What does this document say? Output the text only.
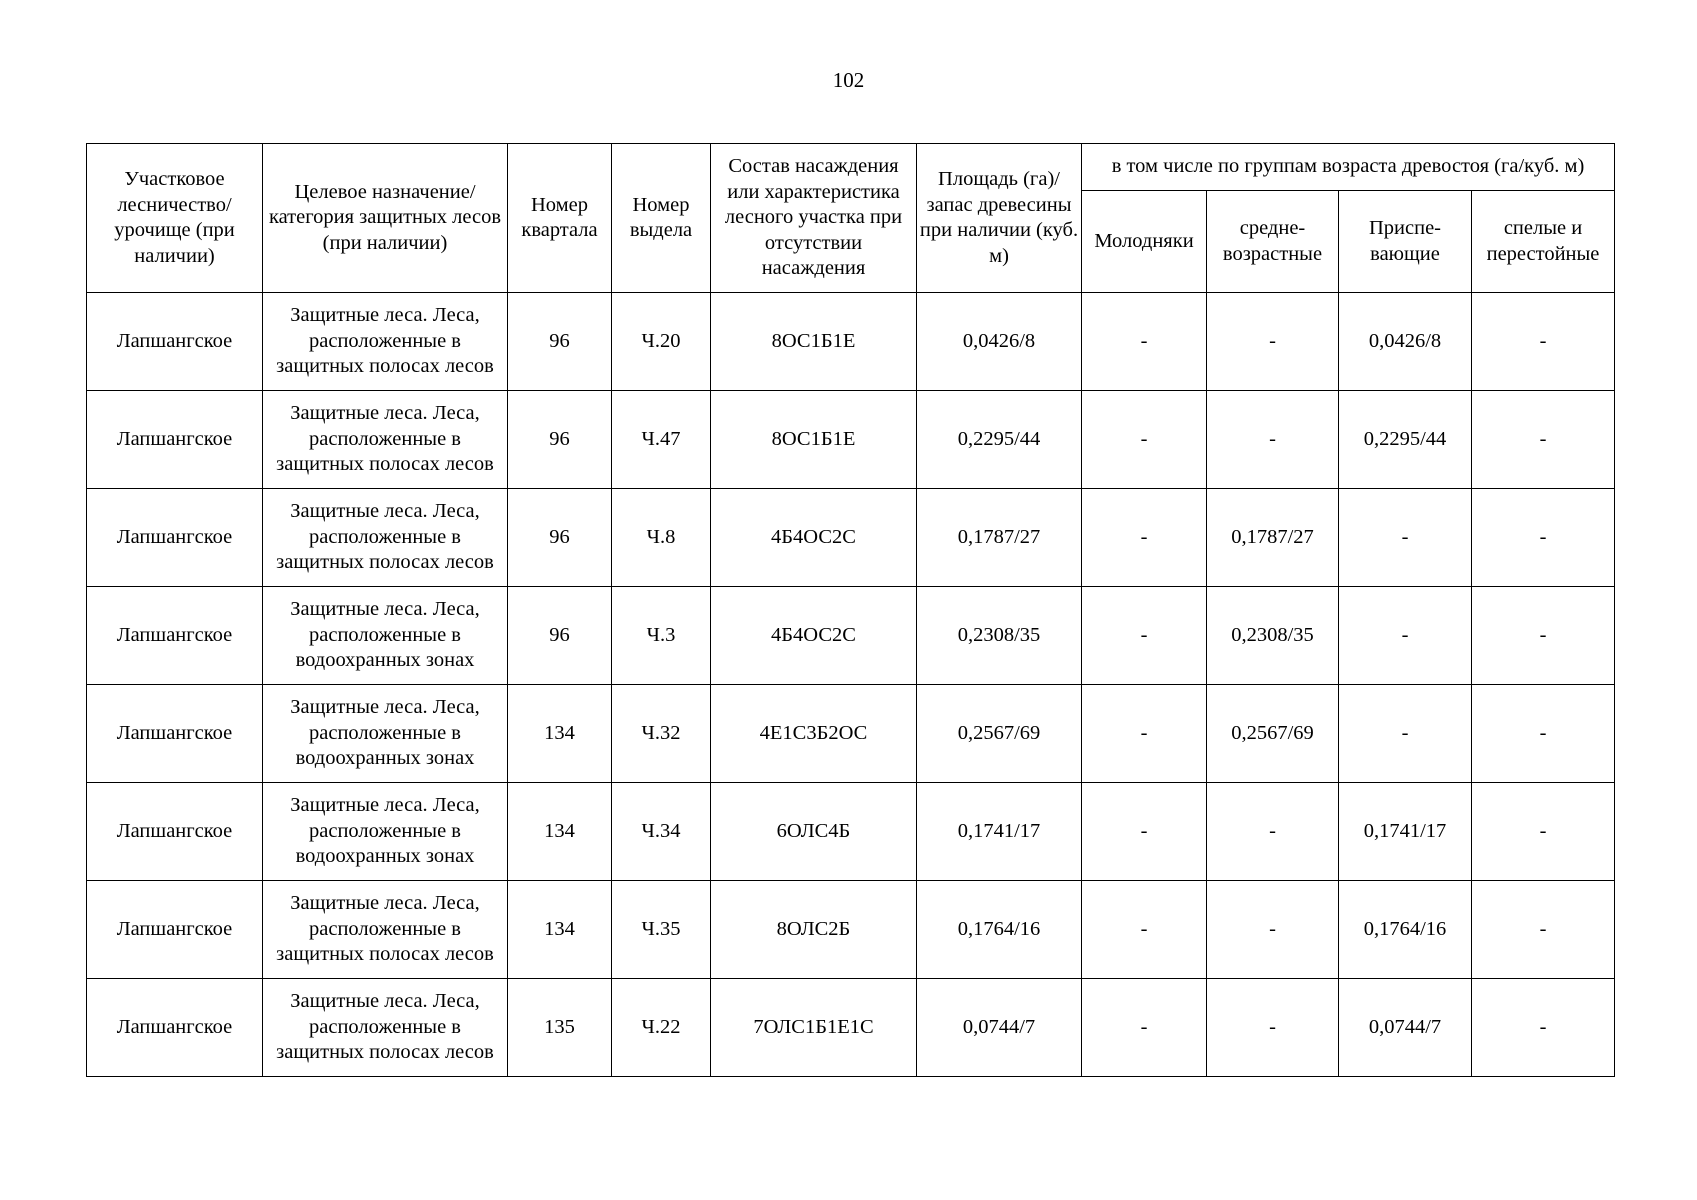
102
Участковое лесничество/ урочище (при наличии)	Целевое назначение/ категория защитных лесов (при наличии)	Номер квартала	Номер выдела	Состав насаждения или характеристика лесного участка при отсутствии насаждения	Площадь (га)/ запас древесины при наличии (куб. м)	в том числе по группам возраста древостоя (га/куб. м)			
						Молодняки	средне- возрастные	Приспе- вающие	спелые и перестойные
Лапшангское	Защитные леса. Леса, расположенные в защитных полосах лесов	96	Ч.20	8ОС1Б1Е	0,0426/8	-	-	0,0426/8	-
Лапшангское	Защитные леса. Леса, расположенные в защитных полосах лесов	96	Ч.47	8ОС1Б1Е	0,2295/44	-	-	0,2295/44	-
Лапшангское	Защитные леса. Леса, расположенные в защитных полосах лесов	96	Ч.8	4Б4ОС2С	0,1787/27	-	0,1787/27	-	-
Лапшангское	Защитные леса. Леса, расположенные в водоохранных зонах	96	Ч.3	4Б4ОС2С	0,2308/35	-	0,2308/35	-	-
Лапшангское	Защитные леса. Леса, расположенные в водоохранных зонах	134	Ч.32	4Е1С3Б2ОС	0,2567/69	-	0,2567/69	-	-
Лапшангское	Защитные леса. Леса, расположенные в водоохранных зонах	134	Ч.34	6ОЛС4Б	0,1741/17	-	-	0,1741/17	-
Лапшангское	Защитные леса. Леса, расположенные в защитных полосах лесов	134	Ч.35	8ОЛС2Б	0,1764/16	-	-	0,1764/16	-
Лапшангское	Защитные леса. Леса, расположенные в защитных полосах лесов	135	Ч.22	7ОЛС1Б1Е1С	0,0744/7	-	-	0,0744/7	-
